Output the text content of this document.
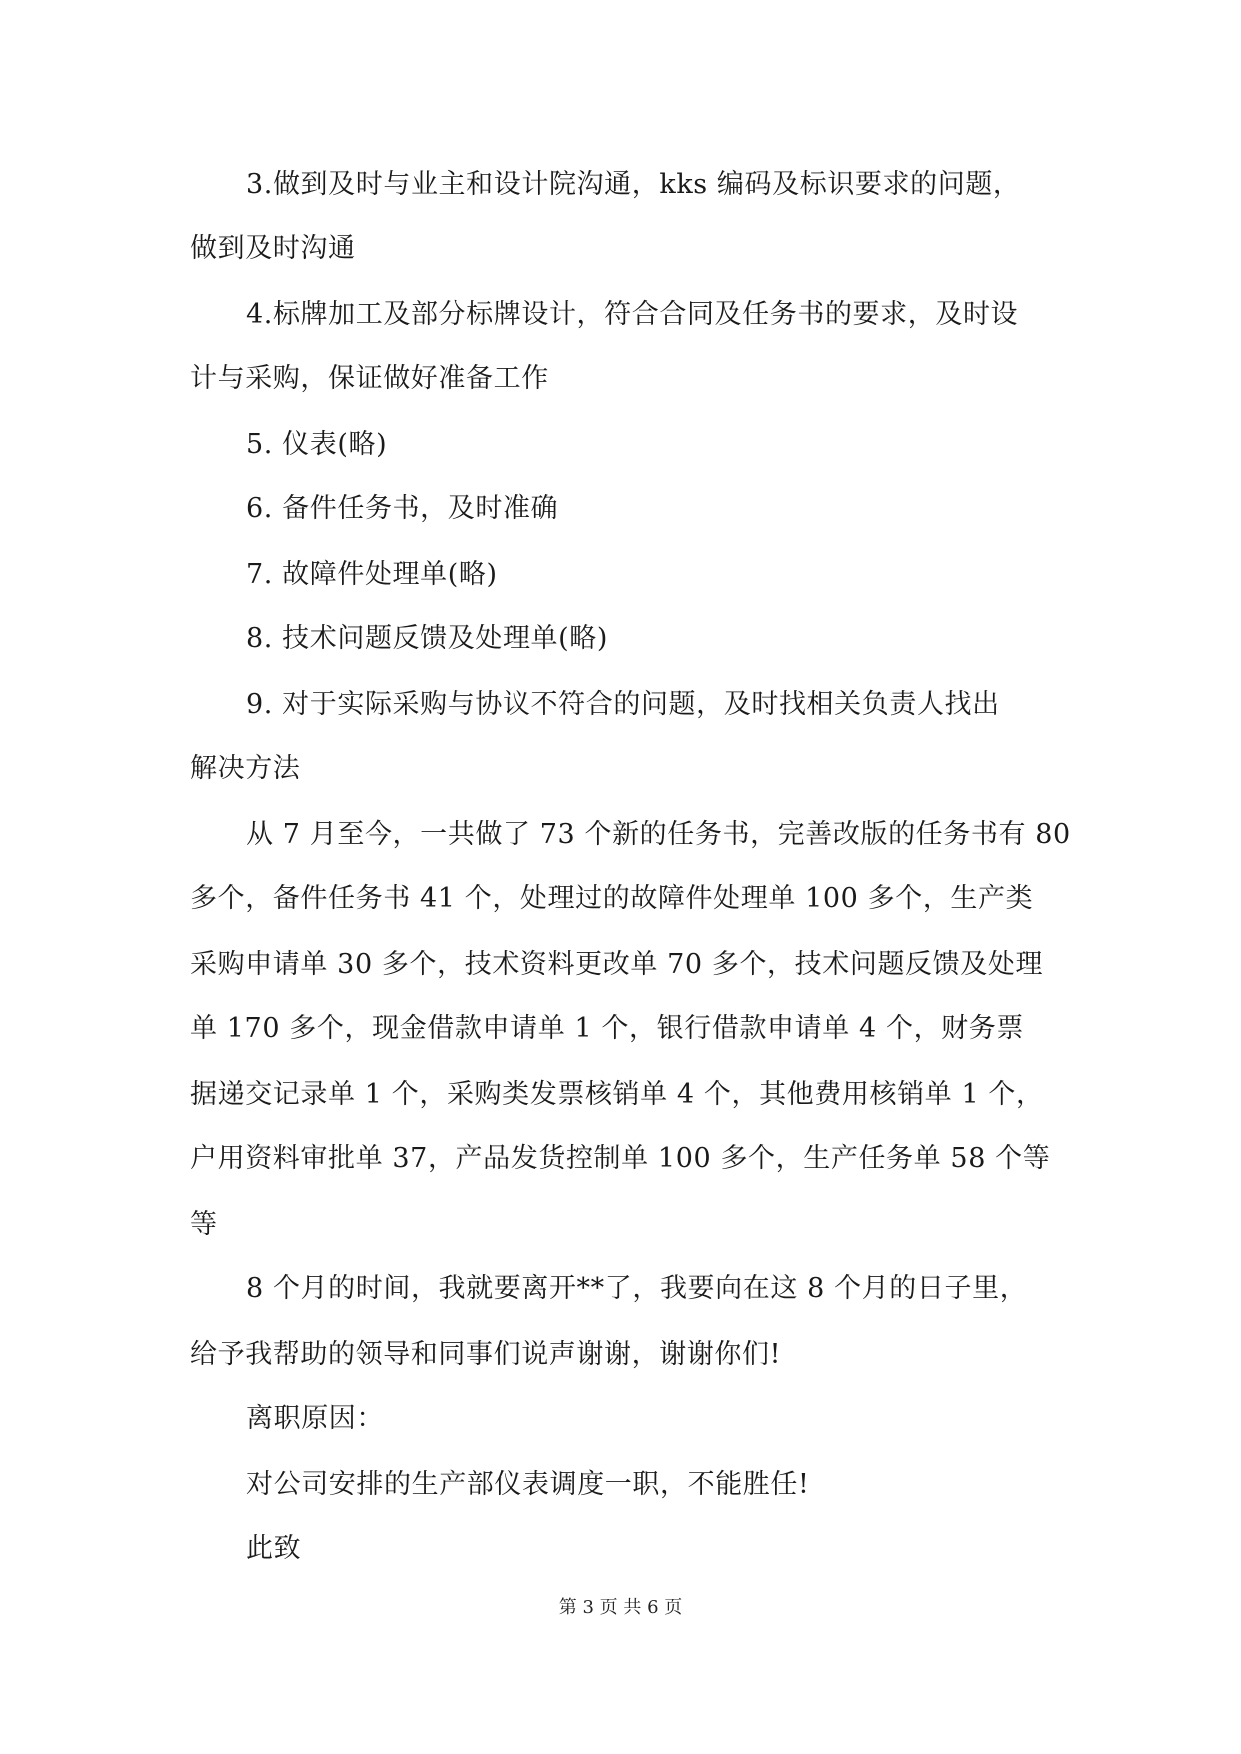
3.做到及时与业主和设计院沟通，kks 编码及标识要求的问题，
做到及时沟通
4.标牌加工及部分标牌设计，符合合同及任务书的要求，及时设
计与采购，保证做好准备工作
5. 仪表(略)
6. 备件任务书，及时准确
7. 故障件处理单(略)
8. 技术问题反馈及处理单(略)
9. 对于实际采购与协议不符合的问题，及时找相关负责人找出
解决方法
从 7 月至今，一共做了 73 个新的任务书，完善改版的任务书有 80
多个，备件任务书 41 个，处理过的故障件处理单 100 多个，生产类
采购申请单 30 多个，技术资料更改单 70 多个，技术问题反馈及处理
单 170 多个，现金借款申请单 1 个，银行借款申请单 4 个，财务票
据递交记录单 1 个，采购类发票核销单 4 个，其他费用核销单 1 个，
户用资料审批单 37，产品发货控制单 100 多个，生产任务单 58 个等
等
8 个月的时间，我就要离开**了，我要向在这 8 个月的日子里，
给予我帮助的领导和同事们说声谢谢，谢谢你们!
离职原因：
对公司安排的生产部仪表调度一职，不能胜任!
此致
第 3 页 共 6 页
